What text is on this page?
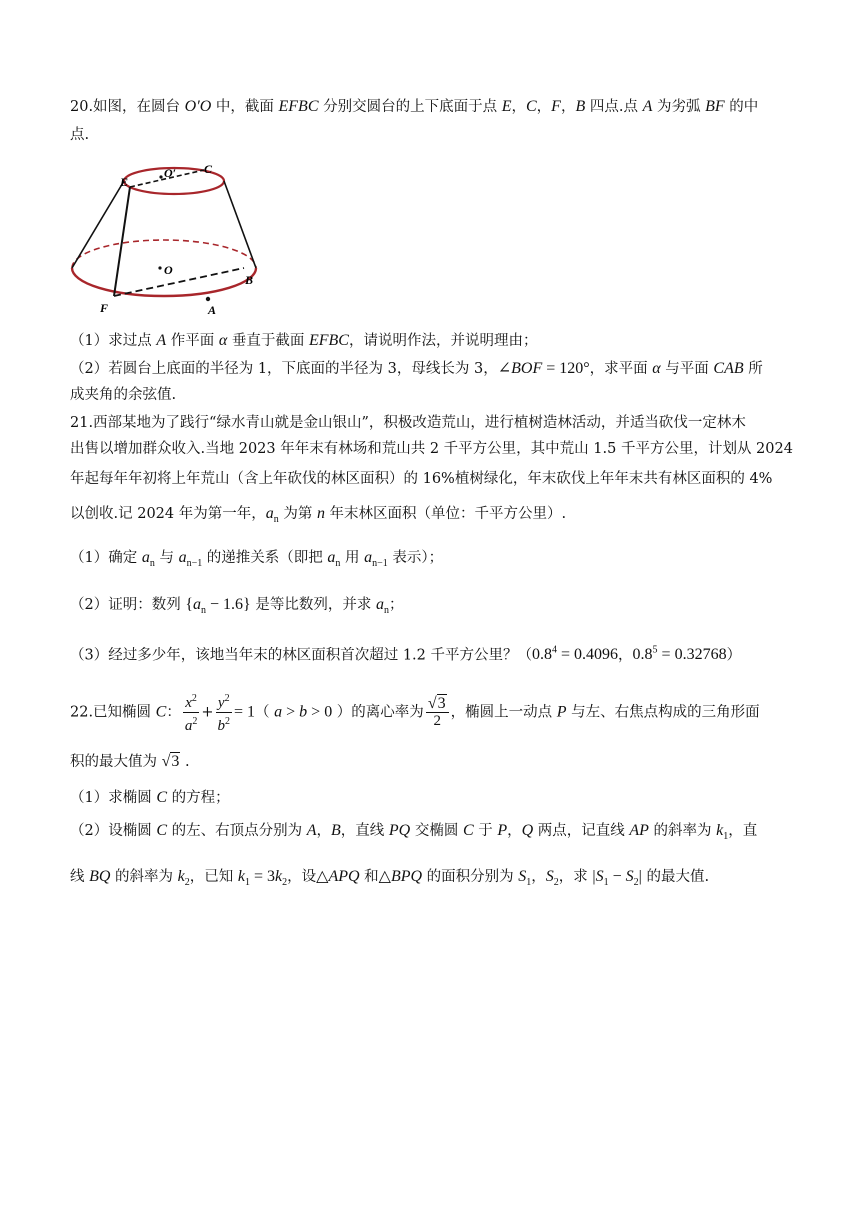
20.如图，在圆台 O′O 中，截面 EFBC 分别交圆台的上下底面于点 E，C，F，B 四点.点 A 为劣弧 BF 的中
点.
E
O′ C
O
B
F	A
（1）求过点 A 作平面 α 垂直于截面 EFBC，请说明作法，并说明理由；
（2）若圆台上底面的半径为 1，下底面的半径为 3，母线长为 3，∠BOF = 120°，求平面 α 与平面 CAB 所
成夹角的余弦值.
21.西部某地为了践行“绿水青山就是金山银山”，积极改造荒山，进行植树造林活动，并适当砍伐一定林木
出售以增加群众收入.当地 2023 年年末有林场和荒山共 2 千平方公里，其中荒山 1.5 千平方公里，计划从 2024
年起每年年初将上年荒山（含上年砍伐的林区面积）的 16%植树绿化，年末砍伐上年年末共有林区面积的 4%
以创收.记 2024 年为第一年，$a_n$ 为第 n 年末林区面积（单位：千平方公里）.
（1）确定 $a_n$ 与 $a_{n-1}$ 的递推关系（即把 $a_n$ 用 $a_{n-1}$ 表示）；
（2）证明：数列 $\{a_n - 1.6\}$ 是等比数列，并求 $a_n$；
（3）经过多少年，该地当年末的林区面积首次超过 1.2 千平方公里？（$0.8^4 = 0.4096$，$0.8^5 = 0.32768$）
22.已知椭圆 C： $\frac{x^2}{a^2} + \frac{y^2}{b^2} = 1$（ a > b > 0 ）的离心率为 $\frac{√3}{2}$ ，椭圆上一动点 P 与左、右焦点构成的三角形面
积的最大值为 √3 .
（1）求椭圆 C 的方程；
（2）设椭圆 C 的左、右顶点分别为 A，B，直线 PQ 交椭圆 C 于 P，Q 两点，记直线 AP 的斜率为 $k_1$，直
线 BQ 的斜率为 $k_2$，已知 $k_1 = 3k_2$，设△APQ 和△BPQ 的面积分别为 $S_1$，$S_2$，求 $|S_1 - S_2|$ 的最大值.
